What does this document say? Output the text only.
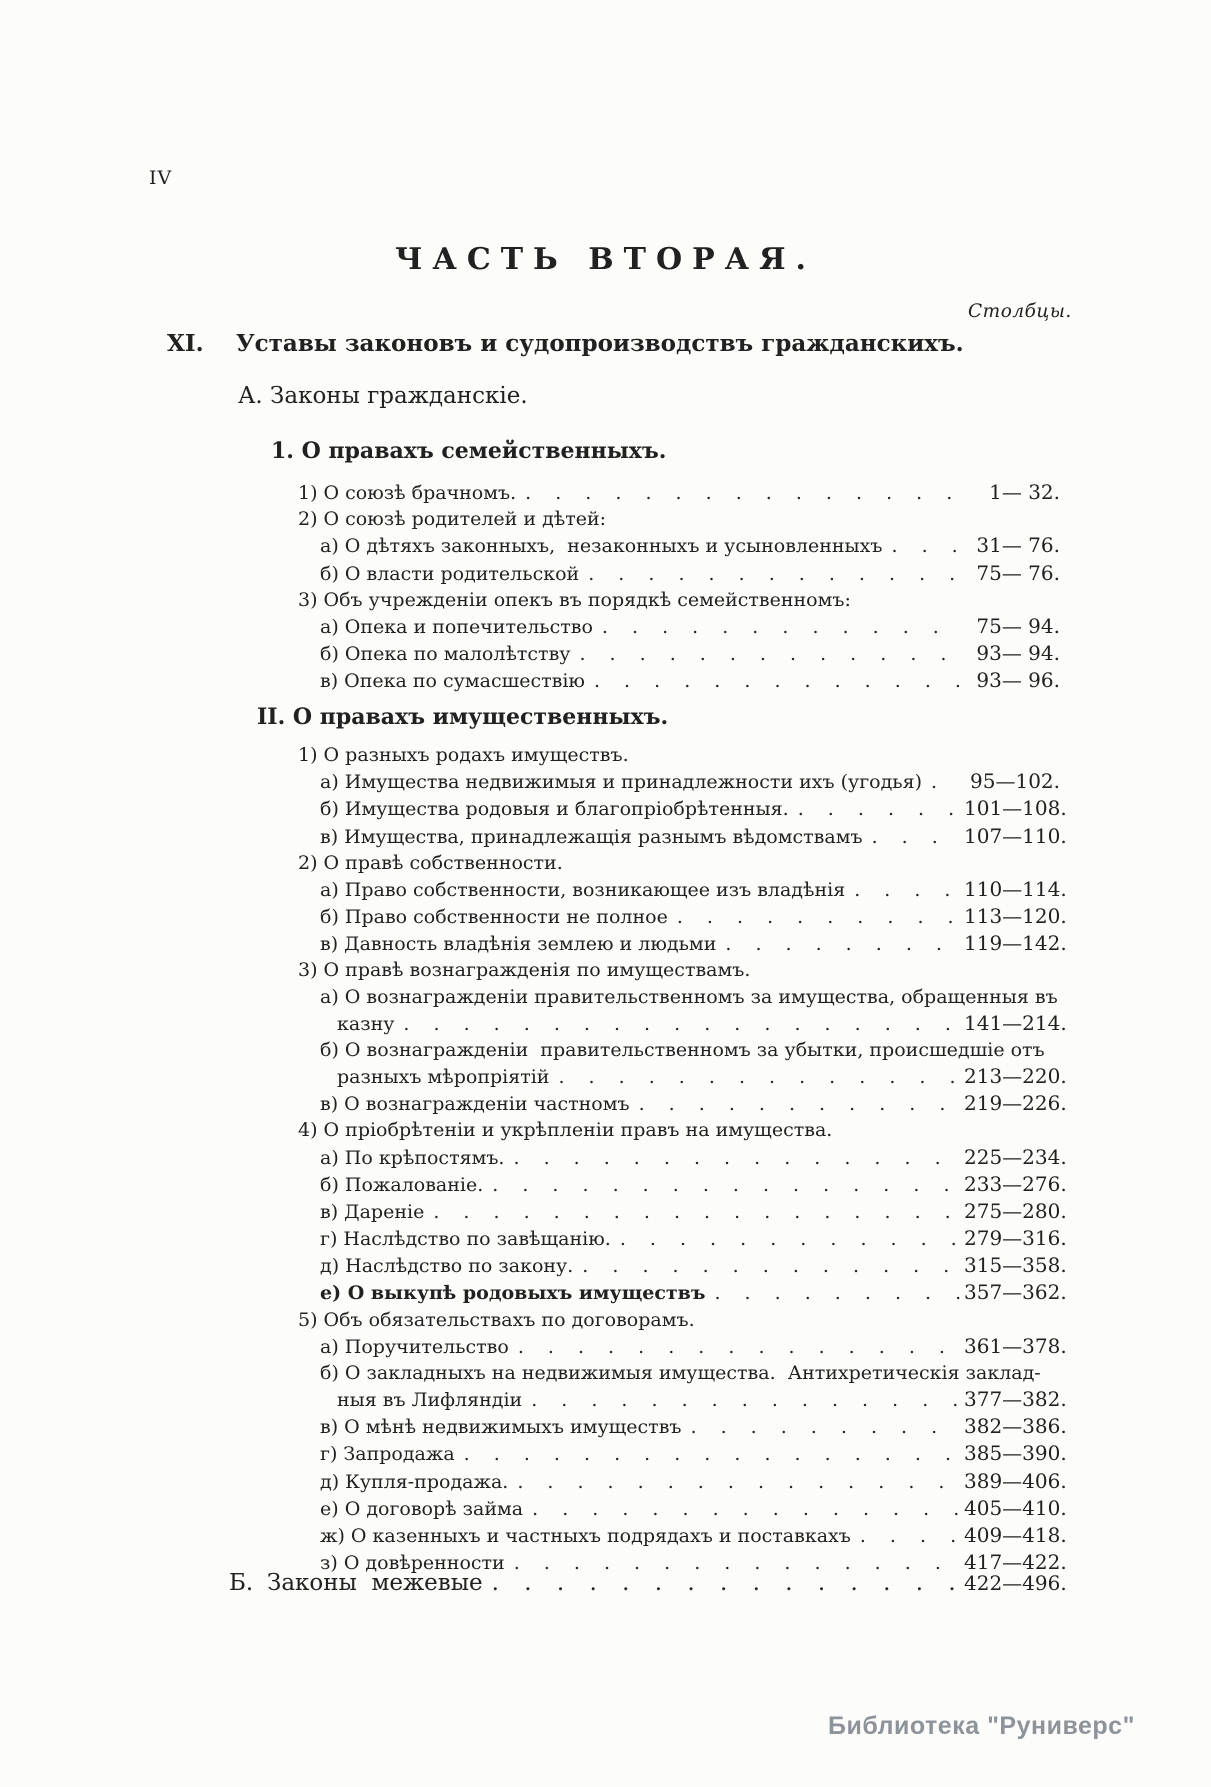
IV
ЧАСТЬ ВТОРАЯ.
Столбцы.
XI. Уставы законовъ и судопроизводствъ гражданскихъ.
А. Законы гражданскіе.
1. О правахъ семейственныхъ.
1) О союзѣ брачномъ. . . .	1— 32.
2) О союзѣ родителей и дѣтей:
а) О дѣтяхъ законныхъ,  незаконныхъ и усыновленныхъ . . .	31— 76.
б) О власти родительской . . .	75— 76.
3) Объ учрежденіи опекъ въ порядкѣ семейственномъ:
а) Опека и попечительство . . .	75— 94.
б) Опека по малолѣтству . . .	93— 94.
в) Опека по сумасшествію . . .	93— 96.
II. О правахъ имущественныхъ.
1) О разныхъ родахъ имуществъ.
а) Имущества недвижимыя и принадлежности ихъ (угодья) . . .	95—102.
б) Имущества родовыя и благопріобрѣтенныя. . . .	101—108.
в) Имущества, принадлежащія разнымъ вѣдомствамъ . . .	107—110.
2) О правѣ собственности.
а) Право собственности, возникающее изъ владѣнія . . .	110—114.
б) Право собственности не полное . . .	113—120.
в) Давность владѣнія землею и людьми . . .	119—142.
3) О правѣ вознагражденія по имуществамъ.
а) О вознагражденіи правительственномъ за имущества, обращенныя въ
казну . . .	141—214.
б) О вознагражденіи  правительственномъ за убытки, происшедшіе отъ
разныхъ мѣропріятій . . .	213—220.
в) О вознагражденіи частномъ . . .	219—226.
4) О пріобрѣтеніи и укрѣпленіи правъ на имущества.
а) По крѣпостямъ. . . .	225—234.
б) Пожалованіе. . . .	233—276.
в) Дареніе . . .	275—280.
г) Наслѣдство по завѣщанію. . . .	279—316.
д) Наслѣдство по закону. . . .	315—358.
е) О выкупѣ родовыхъ имуществъ . . .	357—362.
5) Объ обязательствахъ по договорамъ.
а) Поручительство . . .	361—378.
б) О закладныхъ на недвижимыя имущества.  Антихретическія заклад-
ныя въ Лифляндіи . . .	377—382.
в) О мѣнѣ недвижимыхъ имуществъ . . .	382—386.
г) Запродажа . . .	385—390.
д) Купля-продажа. . . .	389—406.
е) О договорѣ займа . . .	405—410.
ж) О казенныхъ и частныхъ подрядахъ и поставкахъ . . .	409—418.
з) О довѣренности . . .	417—422.
Б. Законы  межевые . . .	422—496.
Библиотека "Руниверс"
